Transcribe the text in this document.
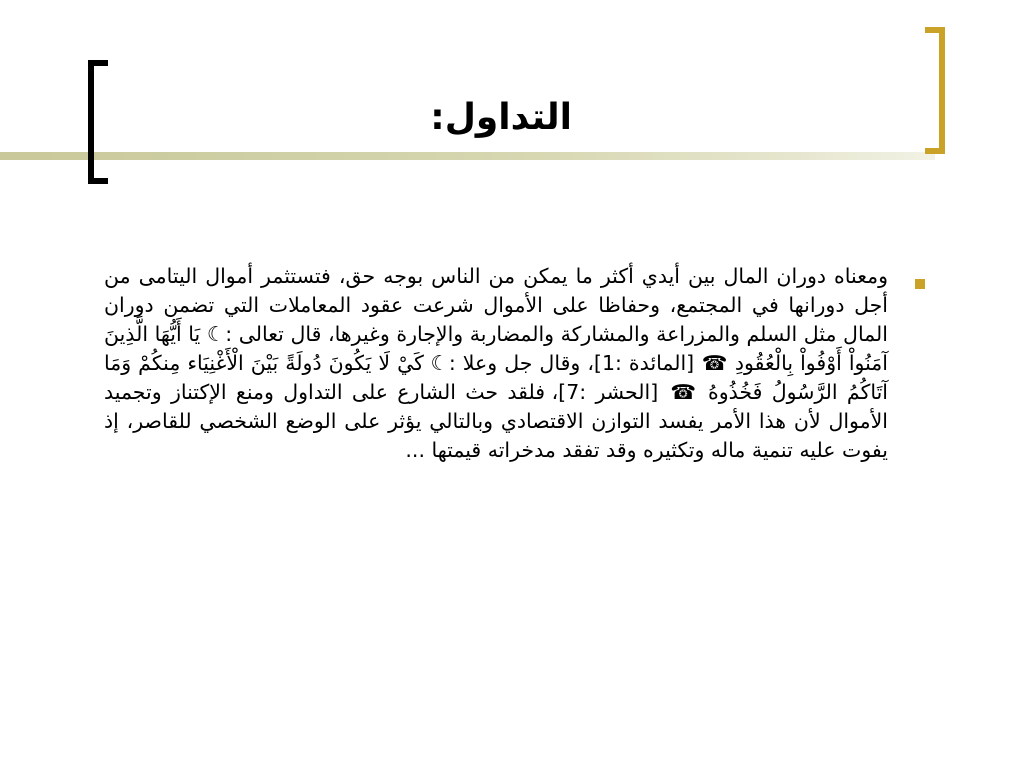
التداول:

ومعناه دوران المال بين أيدي أكثر ما يمكن من الناس بوجه حق، فتستثمر أموال اليتامى من أجل دورانها في المجتمع، وحفاظا على الأموال شرعت عقود المعاملات التي تضمن دوران المال مثل السلم والمزراعة والمشاركة والمضاربة والإجارة وغيرها، قال تعالى :☾ يَا أَيُّهَا الَّذِينَ آمَنُواْ أَوْفُواْ بِالْعُقُودِ ☎ [المائدة :1]، وقال جل وعلا :☾ كَيْ لَا يَكُونَ دُولَةً بَيْنَ الْأَغْنِيَاء مِنكُمْ وَمَا آتَاكُمُ الرَّسُولُ فَخُذُوهُ ☎ [الحشر :7]، فلقد حث الشارع على التداول ومنع الإكتناز وتجميد الأموال لأن هذا الأمر يفسد التوازن الاقتصادي وبالتالي يؤثر على الوضع الشخصي للقاصر، إذ يفوت عليه تنمية ماله وتكثيره وقد تفقد مدخراته قيمتها ...
